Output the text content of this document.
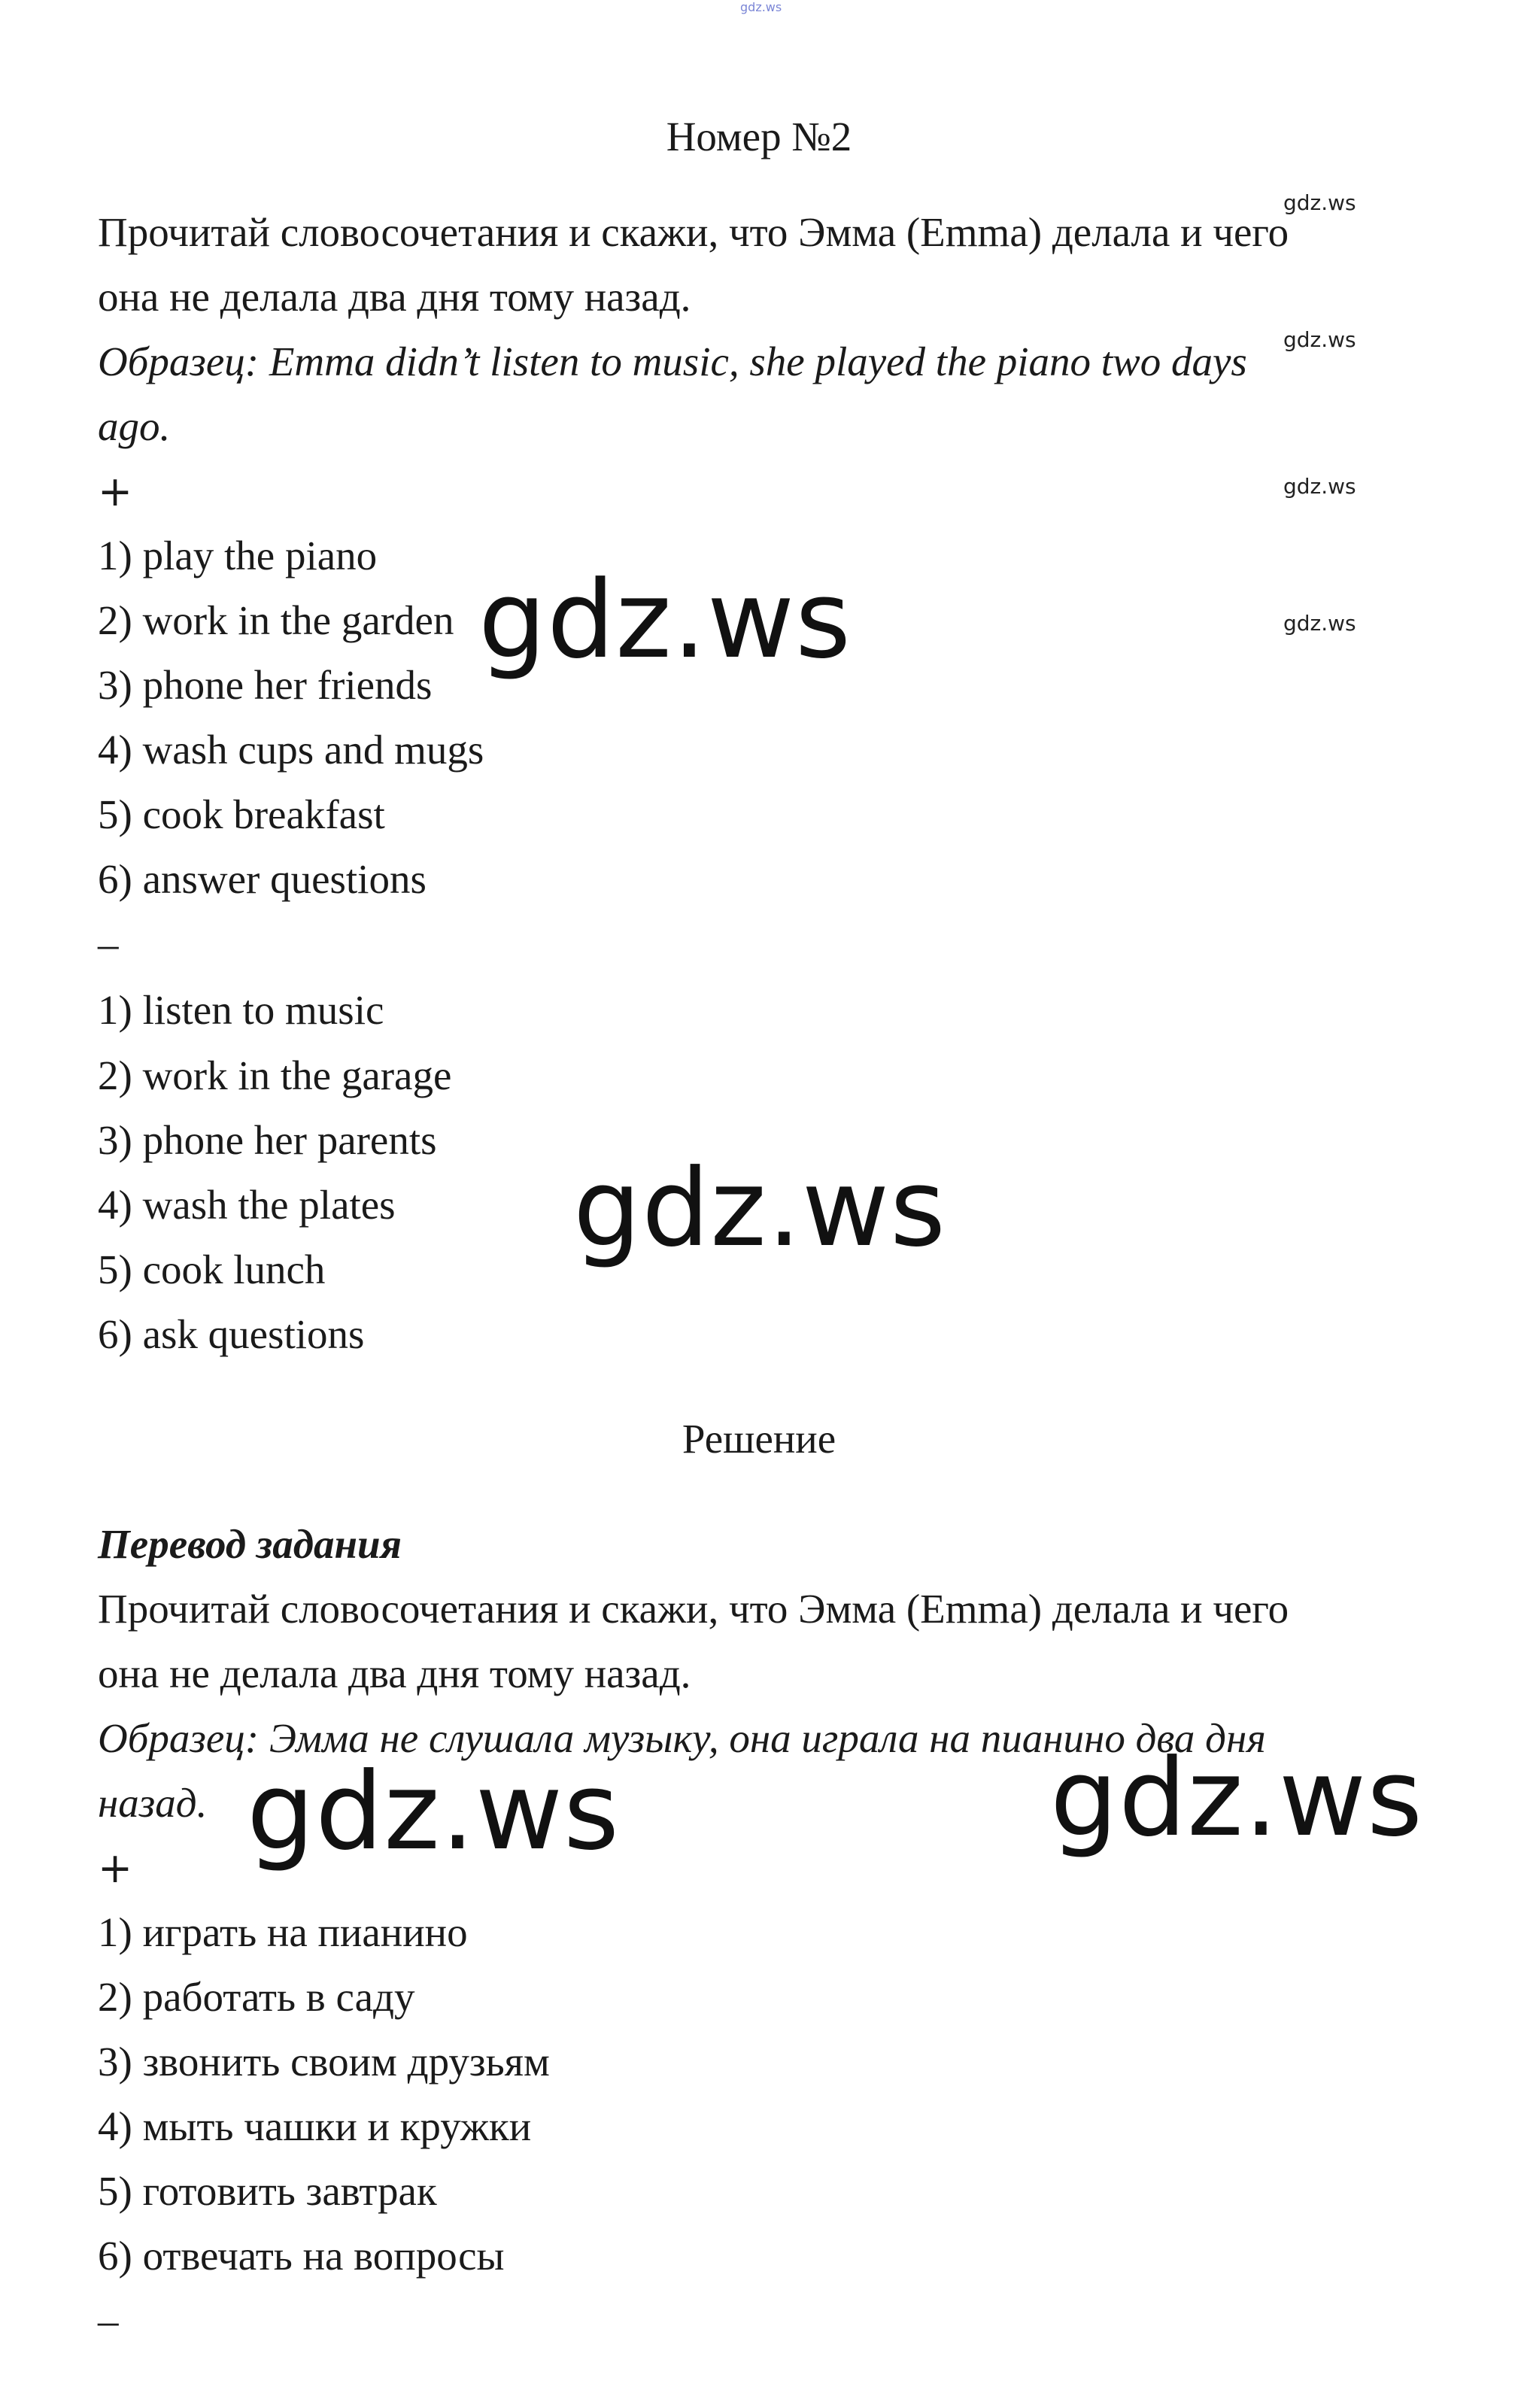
gdz.ws
Номер №2
Прочитай словосочетания и скажи, что Эмма (Emma) делала и чего
она не делала два дня тому назад.
Образец: Emma didn’t listen to music, she played the piano two days
ago.
+
1) play the piano
2) work in the garden
3) phone her friends
4) wash cups and mugs
5) cook breakfast
6) answer questions
–
1) listen to music
2) work in the garage
3) phone her parents
4) wash the plates
5) cook lunch
6) ask questions
Решение
Перевод задания
Прочитай словосочетания и скажи, что Эмма (Emma) делала и чего
она не делала два дня тому назад.
Образец: Эмма не слушала музыку, она играла на пианино два дня
назад.
+
1) играть на пианино
2) работать в саду
3) звонить своим друзьям
4) мыть чашки и кружки
5) готовить завтрак
6) отвечать на вопросы
–
gdz.ws
gdz.ws
gdz.ws
gdz.ws
gdz.ws
gdz.ws
gdz.ws	gdz.ws
